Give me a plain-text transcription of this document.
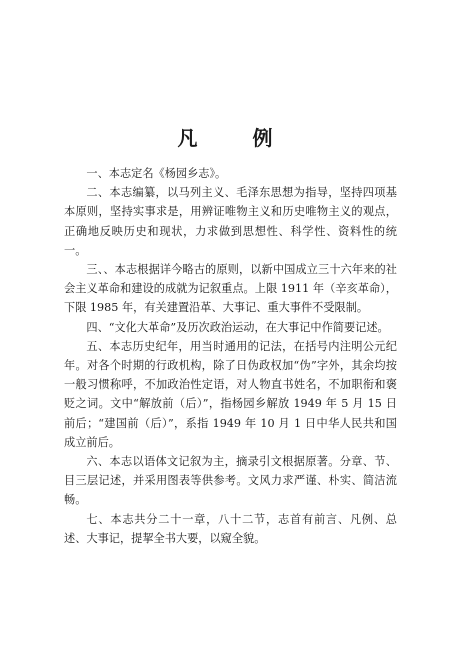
凡 例

一、本志定名《杨园乡志》。

二、本志编纂，以马列主义、毛泽东思想为指导，坚持四项基本原则，坚持实事求是，用辨证唯物主义和历史唯物主义的观点，正确地反映历史和现状，力求做到思想性、科学性、资料性的统一。

三、、本志根据详今略古的原则，以新中国成立三十六年来的社会主义革命和建设的成就为记叙重点。上限 1911 年（辛亥革命），下限 1985 年，有关建置沿革、大事记、重大事件不受限制。

四、“文化大革命”及历次政治运动，在大事记中作简要记述。

五、本志历史纪年，用当时通用的记法，在括号内注明公元纪年。对各个时期的行政机构，除了日伪政权加“伪”字外，其余均按一般习惯称呼，不加政治性定语，对人物直书姓名，不加职衔和褒贬之词。文中“解放前（后）”，指杨园乡解放 1949 年 5 月 15 日前后；“建国前（后）”，系指 1949 年 10 月 1 日中华人民共和国成立前后。

六、本志以语体文记叙为主，摘录引文根据原著。分章、节、目三层记述，并采用图表等供参考。文风力求严谨、朴实、简洁流畅。

七、本志共分二十一章，八十二节，志首有前言、凡例、总述、大事记，提挈全书大要，以窥全貌。
